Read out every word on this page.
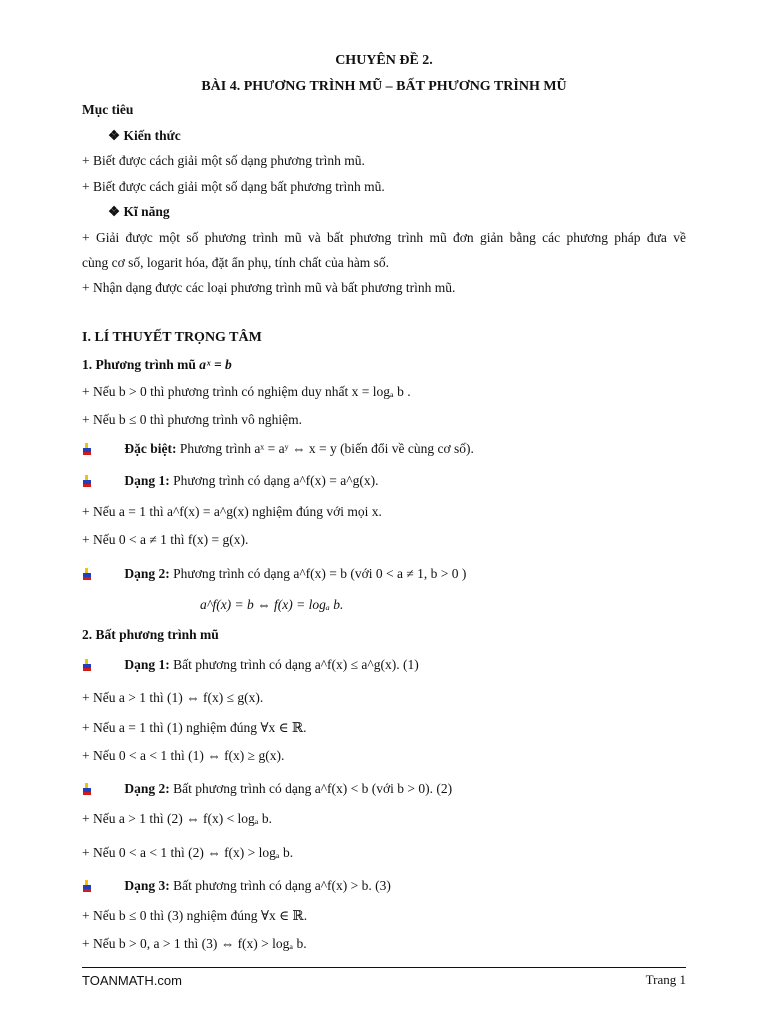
CHUYÊN ĐỀ 2.
BÀI 4. PHƯƠNG TRÌNH MŨ – BẤT PHƯƠNG TRÌNH MŨ
Mục tiêu
❖ Kiến thức
+ Biết được cách giải một số dạng phương trình mũ.
+ Biết được cách giải một số dạng bất phương trình mũ.
❖ Kĩ năng
+ Giải được một số phương trình mũ và bất phương trình mũ đơn giản bằng các phương pháp đưa về
cùng cơ số, logarit hóa, đặt ẩn phụ, tính chất của hàm số.
+ Nhận dạng được các loại phương trình mũ và bất phương trình mũ.
I. LÍ THUYẾT TRỌNG TÂM
1. Phương trình mũ aˣ = b
+ Nếu b > 0 thì phương trình có nghiệm duy nhất x = logₐ b .
+ Nếu b ≤ 0 thì phương trình vô nghiệm.
Đặc biệt: Phương trình aˣ = aʸ ⇔ x = y (biến đổi về cùng cơ số).
Dạng 1: Phương trình có dạng a^f(x) = a^g(x).
+ Nếu a = 1 thì a^f(x) = a^g(x) nghiệm đúng với mọi x.
+ Nếu 0 < a ≠ 1 thì f(x) = g(x).
Dạng 2: Phương trình có dạng a^f(x) = b (với 0 < a ≠ 1, b > 0 )
a^f(x) = b ⇔ f(x) = logₐ b.
2. Bất phương trình mũ
Dạng 1: Bất phương trình có dạng a^f(x) ≤ a^g(x). (1)
+ Nếu a > 1 thì (1) ⇔ f(x) ≤ g(x).
+ Nếu a = 1 thì (1) nghiệm đúng ∀x ∈ ℝ.
+ Nếu 0 < a < 1 thì (1) ⇔ f(x) ≥ g(x).
Dạng 2: Bất phương trình có dạng a^f(x) < b (với b > 0). (2)
+ Nếu a > 1 thì (2) ⇔ f(x) < logₐ b.
+ Nếu 0 < a < 1 thì (2) ⇔ f(x) > logₐ b.
Dạng 3: Bất phương trình có dạng a^f(x) > b. (3)
+ Nếu b ≤ 0 thì (3) nghiệm đúng ∀x ∈ ℝ.
+ Nếu b > 0, a > 1 thì (3) ⇔ f(x) > logₐ b.
TOANMATH.com	Trang 1
